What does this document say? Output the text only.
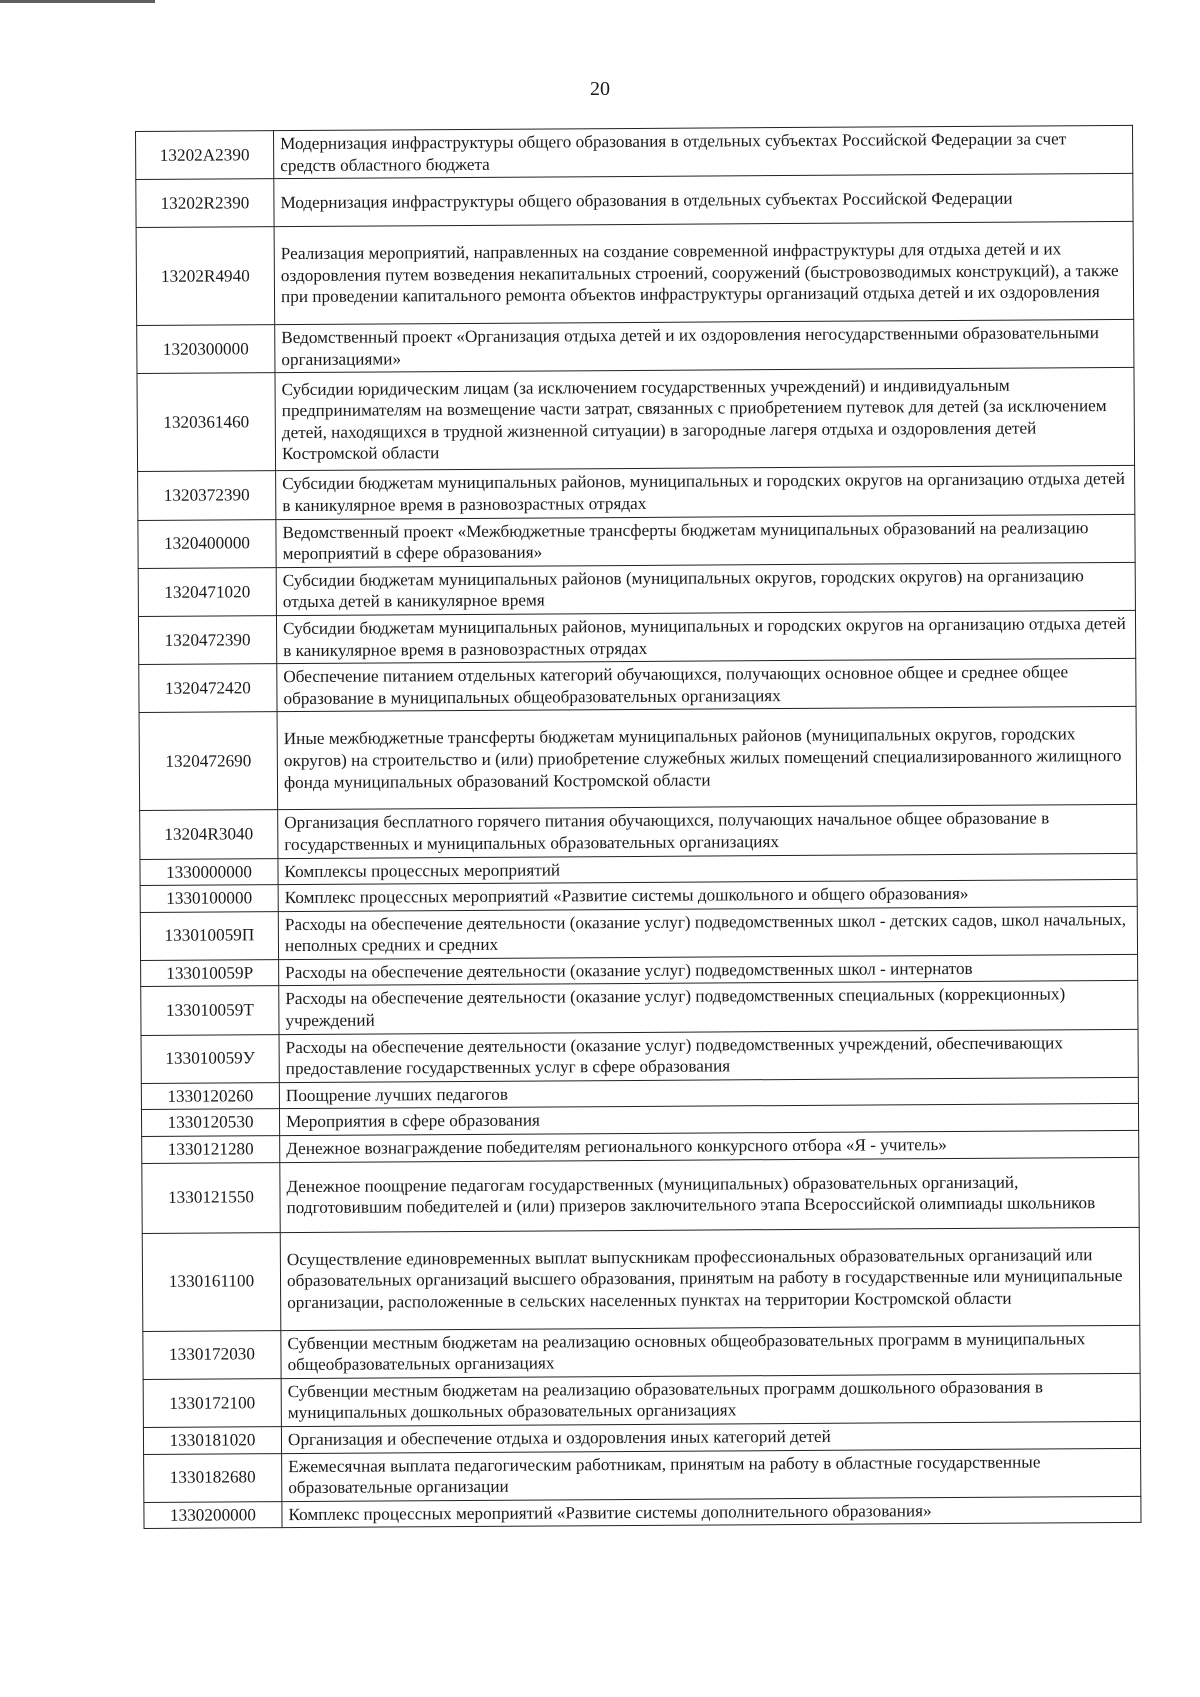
20
13202A2390	Модернизация инфраструктуры общего образования в отдельных субъектах Российской Федерации за счет средств областного бюджета
13202R2390	Модернизация инфраструктуры общего образования в отдельных субъектах Российской Федерации
13202R4940	Реализация мероприятий, направленных на создание современной инфраструктуры для отдыха детей и их оздоровления путем возведения некапитальных строений, сооружений (быстровозводимых конструкций), а также при проведении капитального ремонта объектов инфраструктуры организаций отдыха детей и их оздоровления
1320300000	Ведомственный проект «Организация отдыха детей и их оздоровления негосударственными образовательными организациями»
1320361460	Субсидии юридическим лицам (за исключением государственных учреждений) и индивидуальным предпринимателям на возмещение части затрат, связанных с приобретением путевок для детей (за исключением детей, находящихся в трудной жизненной ситуации) в загородные лагеря отдыха и оздоровления детей Костромской области
1320372390	Субсидии бюджетам муниципальных районов, муниципальных и городских округов на организацию отдыха детей в каникулярное время в разновозрастных отрядах
1320400000	Ведомственный проект «Межбюджетные трансферты бюджетам муниципальных образований на реализацию мероприятий в сфере образования»
1320471020	Субсидии бюджетам муниципальных районов (муниципальных округов, городских округов) на организацию отдыха детей в каникулярное время
1320472390	Субсидии бюджетам муниципальных районов, муниципальных и городских округов на организацию отдыха детей в каникулярное время в разновозрастных отрядах
1320472420	Обеспечение питанием отдельных категорий обучающихся, получающих основное общее и среднее общее образование в муниципальных общеобразовательных организациях
1320472690	Иные межбюджетные трансферты бюджетам муниципальных районов (муниципальных округов, городских округов) на строительство и (или) приобретение служебных жилых помещений специализированного жилищного фонда муниципальных образований Костромской области
13204R3040	Организация бесплатного горячего питания обучающихся, получающих начальное общее образование в государственных и муниципальных образовательных организациях
1330000000	Комплексы процессных мероприятий
1330100000	Комплекс процессных мероприятий «Развитие системы дошкольного и общего образования»
133010059П	Расходы на обеспечение деятельности (оказание услуг) подведомственных школ - детских садов, школ начальных, неполных средних и средних
133010059Р	Расходы на обеспечение деятельности (оказание услуг) подведомственных школ - интернатов
133010059Т	Расходы на обеспечение деятельности (оказание услуг) подведомственных специальных (коррекционных) учреждений
133010059У	Расходы на обеспечение деятельности (оказание услуг) подведомственных учреждений, обеспечивающих предоставление государственных услуг в сфере образования
1330120260	Поощрение лучших педагогов
1330120530	Мероприятия в сфере образования
1330121280	Денежное вознаграждение победителям регионального конкурсного отбора «Я - учитель»
1330121550	Денежное поощрение педагогам государственных (муниципальных) образовательных организаций, подготовившим победителей и (или) призеров заключительного этапа Всероссийской олимпиады школьников
1330161100	Осуществление единовременных выплат выпускникам профессиональных образовательных организаций или образовательных организаций высшего образования, принятым на работу в государственные или муниципальные организации, расположенные в сельских населенных пунктах на территории Костромской области
1330172030	Субвенции местным бюджетам на реализацию основных общеобразовательных программ в муниципальных общеобразовательных организациях
1330172100	Субвенции местным бюджетам на реализацию образовательных программ дошкольного образования в муниципальных дошкольных образовательных организациях
1330181020	Организация и обеспечение отдыха и оздоровления иных категорий детей
1330182680	Ежемесячная выплата педагогическим работникам, принятым на работу в областные государственные образовательные организации
1330200000	Комплекс процессных мероприятий «Развитие системы дополнительного образования»
